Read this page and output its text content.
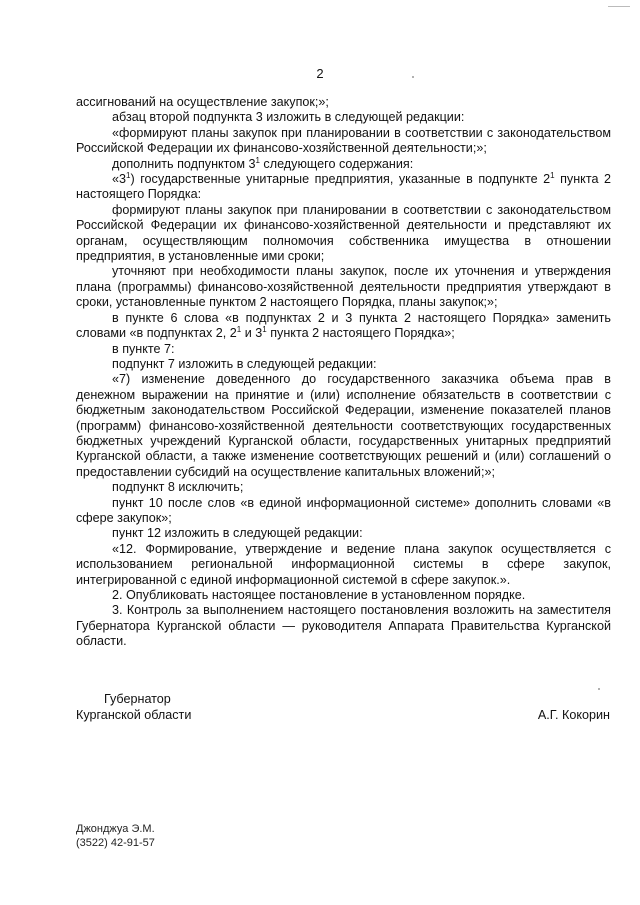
2

ассигнований на осуществление закупок;»;

абзац второй подпункта 3 изложить в следующей редакции:

«формируют планы закупок при планировании в соответствии с законодательством Российской Федерации их финансово-хозяйственной деятельности;»;

дополнить подпунктом $3^1$ следующего содержания:

«$3^1$) государственные унитарные предприятия, указанные в подпункте $2^1$ пункта 2 настоящего Порядка:

формируют планы закупок при планировании в соответствии с законодательством Российской Федерации их финансово-хозяйственной деятельности и представляют их органам, осуществляющим полномочия собственника имущества в отношении предприятия, в установленные ими сроки;

уточняют при необходимости планы закупок, после их уточнения и утверждения плана (программы) финансово-хозяйственной деятельности предприятия утверждают в сроки, установленные пунктом 2 настоящего Порядка, планы закупок;»;

в пункте 6 слова «в подпунктах 2 и 3 пункта 2 настоящего Порядка» заменить словами «в подпунктах 2, $2^1$ и $3^1$ пункта 2 настоящего Порядка»;

в пункте 7:

подпункт 7 изложить в следующей редакции:

«7) изменение доведенного до государственного заказчика объема прав в денежном выражении на принятие и (или) исполнение обязательств в соответствии с бюджетным законодательством Российской Федерации, изменение показателей планов (программ) финансово-хозяйственной деятельности соответствующих государственных бюджетных учреждений Курганской области, государственных унитарных предприятий Курганской области, а также изменение соответствующих решений и (или) соглашений о предоставлении субсидий на осуществление капитальных вложений;»;

подпункт 8 исключить;

пункт 10 после слов «в единой информационной системе» дополнить словами «в сфере закупок»;

пункт 12 изложить в следующей редакции:

«12. Формирование, утверждение и ведение плана закупок осуществляется с использованием региональной информационной системы в сфере закупок, интегрированной с единой информационной системой в сфере закупок.».

2. Опубликовать настоящее постановление в установленном порядке.

3. Контроль за выполнением настоящего постановления возложить на заместителя Губернатора Курганской области — руководителя Аппарата Правительства Курганской области.

Губернатор
Курганской области	А.Г. Кокорин
Джонджуа Э.М.
(3522) 42-91-57
